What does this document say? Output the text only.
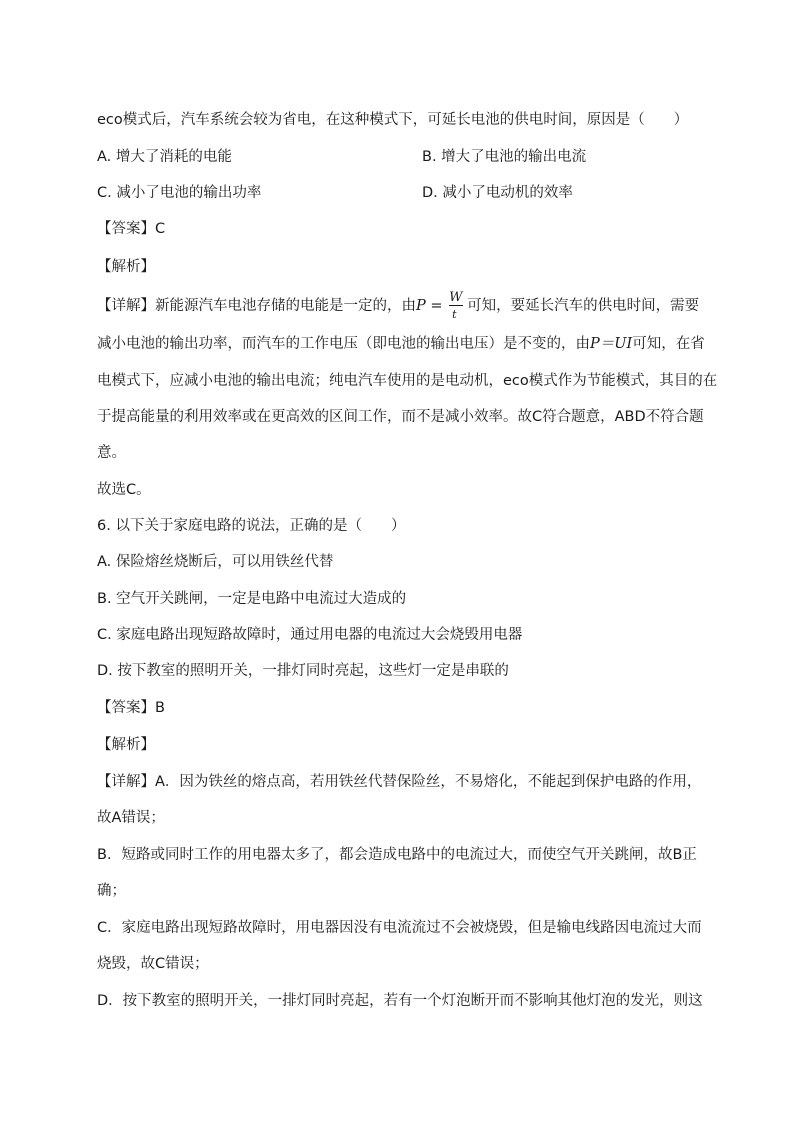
eco模式后，汽车系统会较为省电，在这种模式下，可延长电池的供电时间，原因是（　　）
A. 增大了消耗的电能	B. 增大了电池的输出电流
C. 减小了电池的输出功率	D. 减小了电动机的效率
【答案】C
【解析】
【详解】新能源汽车电池存储的电能是一定的，由$P = \frac{W}{t}$ 可知，要延长汽车的供电时间，需要
减小电池的输出功率，而汽车的工作电压（即电池的输出电压）是不变的，由P＝UI可知，在省
电模式下，应减小电池的输出电流；纯电汽车使用的是电动机，eco模式作为节能模式，其目的在
于提高能量的利用效率或在更高效的区间工作，而不是减小效率。故C符合题意，ABD不符合题
意。
故选C。
6. 以下关于家庭电路的说法，正确的是（　　）
A. 保险熔丝烧断后，可以用铁丝代替
B. 空气开关跳闸，一定是电路中电流过大造成的
C. 家庭电路出现短路故障时，通过用电器的电流过大会烧毁用电器
D. 按下教室的照明开关，一排灯同时亮起，这些灯一定是串联的
【答案】B
【解析】
【详解】A．因为铁丝的熔点高，若用铁丝代替保险丝，不易熔化，不能起到保护电路的作用，
故A错误；
B．短路或同时工作的用电器太多了，都会造成电路中的电流过大，而使空气开关跳闸，故B正
确；
C．家庭电路出现短路故障时，用电器因没有电流流过不会被烧毁，但是输电线路因电流过大而
烧毁，故C错误；
D．按下教室的照明开关，一排灯同时亮起，若有一个灯泡断开而不影响其他灯泡的发光，则这
